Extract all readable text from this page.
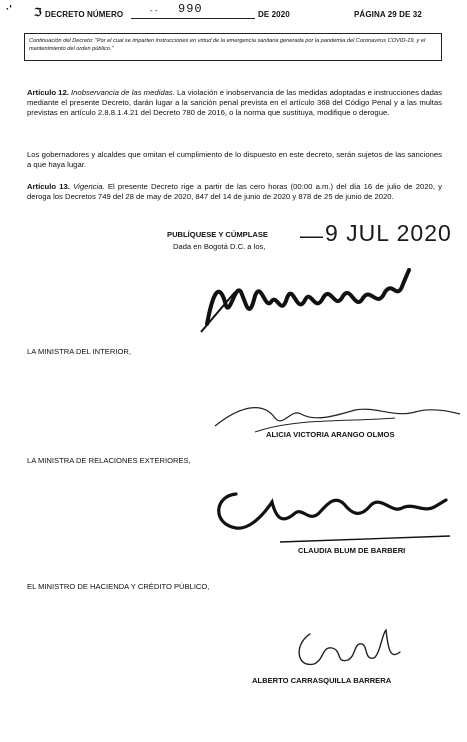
·' ℑ DECRETO NÚMERO	- - 990	DE 2020	PÁGINA 29 DE 32
Continuación del Decreto: "Por el cual se imparten instrucciones en virtud de la emergencia sanitaria generada por la pandemia del Coronavirus COVID-19, y el mantenimiento del orden público."
Artículo 12. Inobservancia de las medidas. La violación e inobservancia de las medidas adoptadas e instrucciones dadas mediante el presente Decreto, darán lugar a la sanción penal prevista en el artículo 368 del Código Penal y a las multas previstas en artículo 2.8.8.1.4.21 del Decreto 780 de 2016, o la norma que sustituya, modifique o derogue.
Los gobernadores y alcaldes que omitan el cumplimiento de lo dispuesto en este decreto, serán sujetos de las sanciones a que haya lugar.
Artículo 13. Vigencia. El presente Decreto rige a partir de las cero horas (00:00 a.m.) del día 16 de julio de 2020, y deroga los Decretos 749 del 28 de may de 2020, 847 del 14 de junio de 2020 y 878 de 25 de junio de 2020.
PUBLÍQUESE Y CÚMPLASE
Dada en Bogotá D.C. a los, — 9 JUL 2020
LA MINISTRA DEL INTERIOR,
ALICIA VICTORIA ARANGO OLMOS
LA MINISTRA DE RELACIONES EXTERIORES,
CLAUDIA BLUM DE BARBERI
EL MINISTRO DE HACIENDA Y CRÉDITO PÚBLICO,
ALBERTO CARRASQUILLA BARRERA
